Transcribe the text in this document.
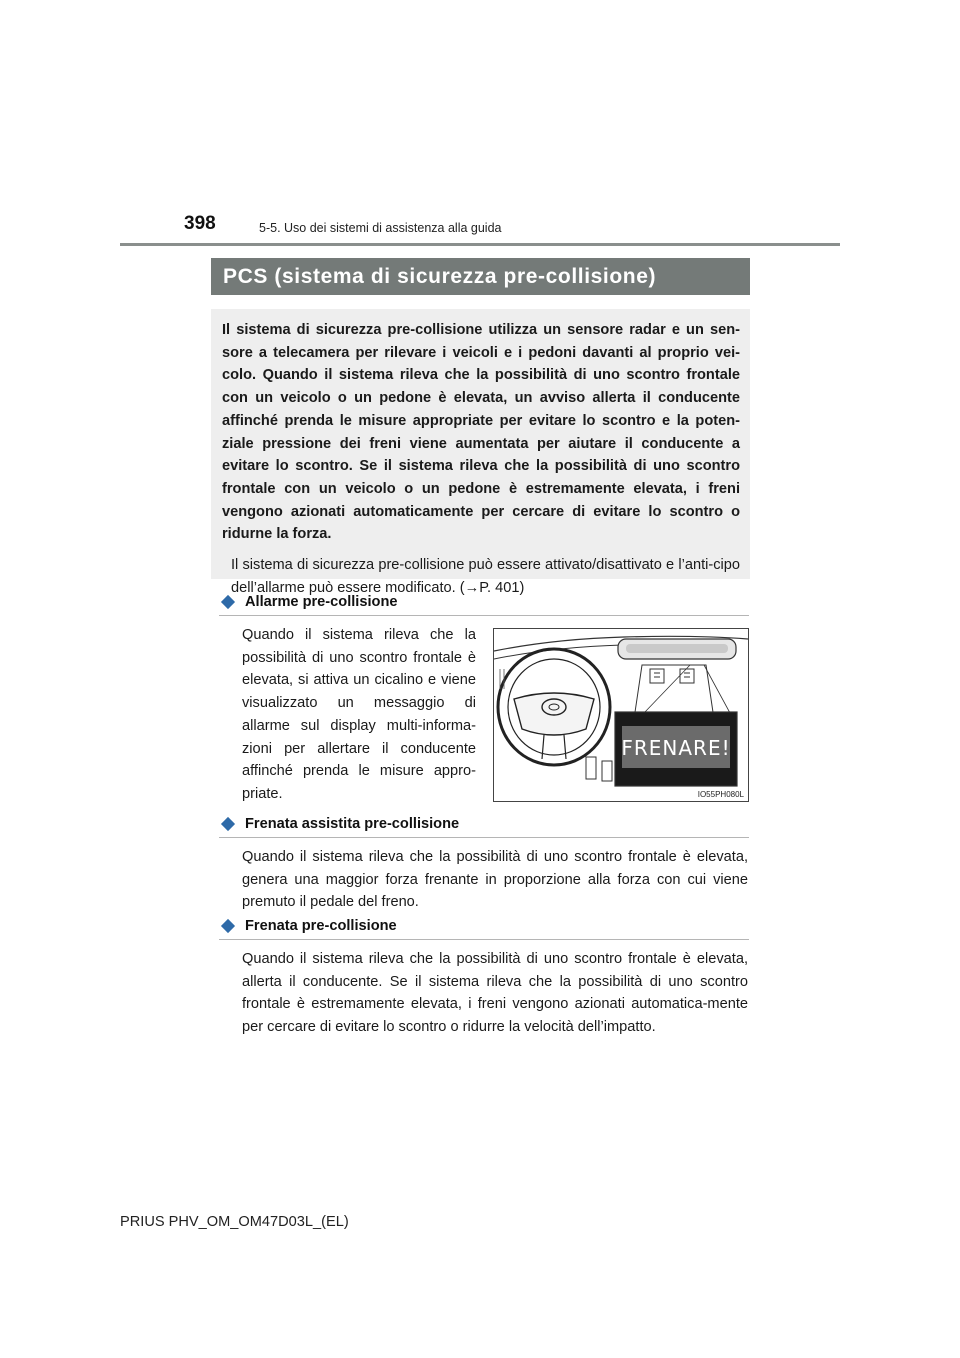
398	5-5. Uso dei sistemi di assistenza alla guida
PCS (sistema di sicurezza pre-collisione)

Il sistema di sicurezza pre-collisione utilizza un sensore radar e un sen-sore a telecamera per rilevare i veicoli e i pedoni davanti al proprio vei-colo. Quando il sistema rileva che la possibilità di uno scontro frontale con un veicolo o un pedone è elevata, un avviso allerta il conducente affinché prenda le misure appropriate per evitare lo scontro e la poten-ziale pressione dei freni viene aumentata per aiutare il conducente a evitare lo scontro. Se il sistema rileva che la possibilità di uno scontro frontale con un veicolo o un pedone è estremamente elevata, i freni vengono azionati automaticamente per cercare di evitare lo scontro o ridurne la forza.

Il sistema di sicurezza pre-collisione può essere attivato/disattivato e l’anti-cipo dell’allarme può essere modificato. (→P. 401)

Allarme pre-collisione

Quando il sistema rileva che la possibilità di uno scontro frontale è elevata, si attiva un cicalino e viene visualizzato un messaggio di allarme sul display multi-informa-zioni per allertare il conducente affinché prenda le misure appro-priate.

FRENARE!
IO55PH080L
Frenata assistita pre-collisione

Quando il sistema rileva che la possibilità di uno scontro frontale è elevata, genera una maggior forza frenante in proporzione alla forza con cui viene premuto il pedale del freno.

Frenata pre-collisione

Quando il sistema rileva che la possibilità di uno scontro frontale è elevata, allerta il conducente. Se il sistema rileva che la possibilità di uno scontro frontale è estremamente elevata, i freni vengono azionati automatica-mente per cercare di evitare lo scontro o ridurre la velocità dell’impatto.

PRIUS PHV_OM_OM47D03L_(EL)
